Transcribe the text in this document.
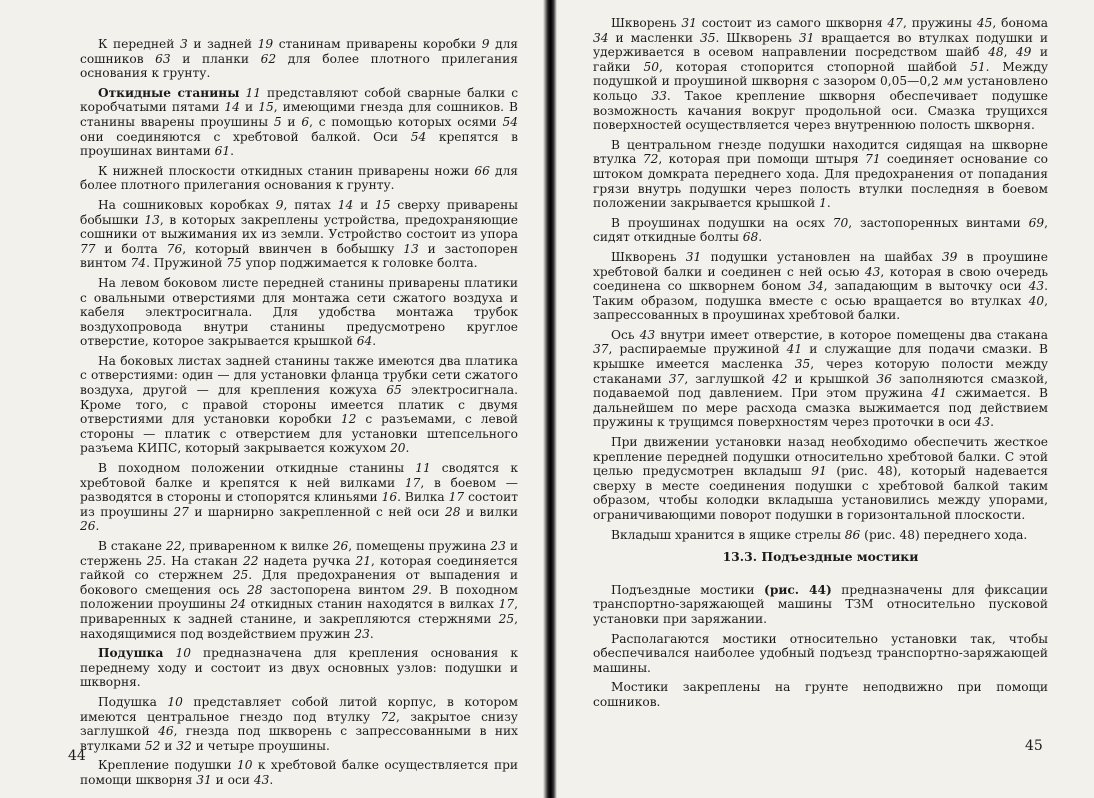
К передней 3 и задней 19 станинам приварены коробки 9 для сошников 63 и планки 62 для более плотного прилегания основания к грунту.

Откидные станины 11 представляют собой сварные балки с коробчатыми пятами 14 и 15, имеющими гнезда для сошников. В станины вварены проушины 5 и 6, с помощью которых осями 54 они соединяются с хребтовой балкой. Оси 54 крепятся в проушинах винтами 61.

К нижней плоскости откидных станин приварены ножи 66 для более плотного прилегания основания к грунту.

На сошниковых коробках 9, пятах 14 и 15 сверху приварены бобышки 13, в которых закреплены устройства, предохраняющие сошники от выжимания их из земли. Устройство состоит из упора 77 и болта 76, который ввинчен в бобышку 13 и застопорен винтом 74. Пружиной 75 упор поджимается к головке болта.

На левом боковом листе передней станины приварены платики с овальными отверстиями для монтажа сети сжатого воздуха и кабеля электросигнала. Для удобства монтажа трубок воздухопровода внутри станины предусмотрено круглое отверстие, которое закрывается крышкой 64.

На боковых листах задней станины также имеются два платика с отверстиями: один — для установки фланца трубки сети сжатого воздуха, другой — для крепления кожуха 65 электросигнала. Кроме того, с правой стороны имеется платик с двумя отверстиями для установки коробки 12 с разъемами, с левой стороны — платик с отверстием для установки штепсельного разъема КИПС, который закрывается кожухом 20.

В походном положении откидные станины 11 сводятся к хребтовой балке и крепятся к ней вилками 17, в боевом — разводятся в стороны и стопорятся клиньями 16. Вилка 17 состоит из проушины 27 и шарнирно закрепленной с ней оси 28 и вилки 26.

В стакане 22, приваренном к вилке 26, помещены пружина 23 и стержень 25. На стакан 22 надета ручка 21, которая соединяется гайкой со стержнем 25. Для предохранения от выпадения и бокового смещения ось 28 застопорена винтом 29. В походном положении проушины 24 откидных станин находятся в вилках 17, приваренных к задней станине, и закрепляются стержнями 25, находящимися под воздействием пружин 23.

Подушка 10 предназначена для крепления основания к переднему ходу и состоит из двух основных узлов: подушки и шкворня.

Подушка 10 представляет собой литой корпус, в котором имеются центральное гнездо под втулку 72, закрытое снизу заглушкой 46, гнезда под шкворень с запрессованными в них втулками 52 и 32 и четыре проушины.

Крепление подушки 10 к хребтовой балке осуществляется при помощи шкворня 31 и оси 43.

44

Шкворень 31 состоит из самого шкворня 47, пружины 45, бонома 34 и масленки 35. Шкворень 31 вращается во втулках подушки и удерживается в осевом направлении посредством шайб 48, 49 и гайки 50, которая стопорится стопорной шайбой 51. Между подушкой и проушиной шкворня с зазором 0,05—0,2 мм установлено кольцо 33. Такое крепление шкворня обеспечивает подушке возможность качания вокруг продольной оси. Смазка трущихся поверхностей осуществляется через внутреннюю полость шкворня.

В центральном гнезде подушки находится сидящая на шкворне втулка 72, которая при помощи штыря 71 соединяет основание со штоком домкрата переднего хода. Для предохранения от попадания грязи внутрь подушки через полость втулки последняя в боевом положении закрывается крышкой 1.

В проушинах подушки на осях 70, застопоренных винтами 69, сидят откидные болты 68.

Шкворень 31 подушки установлен на шайбах 39 в проушине хребтовой балки и соединен с ней осью 43, которая в свою очередь соединена со шкворнем боном 34, западающим в выточку оси 43. Таким образом, подушка вместе с осью вращается во втулках 40, запрессованных в проушинах хребтовой балки.

Ось 43 внутри имеет отверстие, в которое помещены два стакана 37, распираемые пружиной 41 и служащие для подачи смазки. В крышке имеется масленка 35, через которую полости между стаканами 37, заглушкой 42 и крышкой 36 заполняются смазкой, подаваемой под давлением. При этом пружина 41 сжимается. В дальнейшем по мере расхода смазка выжимается под действием пружины к трущимся поверхностям через проточки в оси 43.

При движении установки назад необходимо обеспечить жесткое крепление передней подушки относительно хребтовой балки. С этой целью предусмотрен вкладыш 91 (рис. 48), который надевается сверху в месте соединения подушки с хребтовой балкой таким образом, чтобы колодки вкладыша установились между упорами, ограничивающими поворот подушки в горизонтальной плоскости.

Вкладыш хранится в ящике стрелы 86 (рис. 48) переднего хода.

13.3. Подъездные мостики

Подъездные мостики (рис. 44) предназначены для фиксации транспортно-заряжающей машины ТЗМ относительно пусковой установки при заряжании.

Располагаются мостики относительно установки так, чтобы обеспечивался наиболее удобный подъезд транспортно-заряжающей машины.

Мостики закреплены на грунте неподвижно при помощи сошников.

45
